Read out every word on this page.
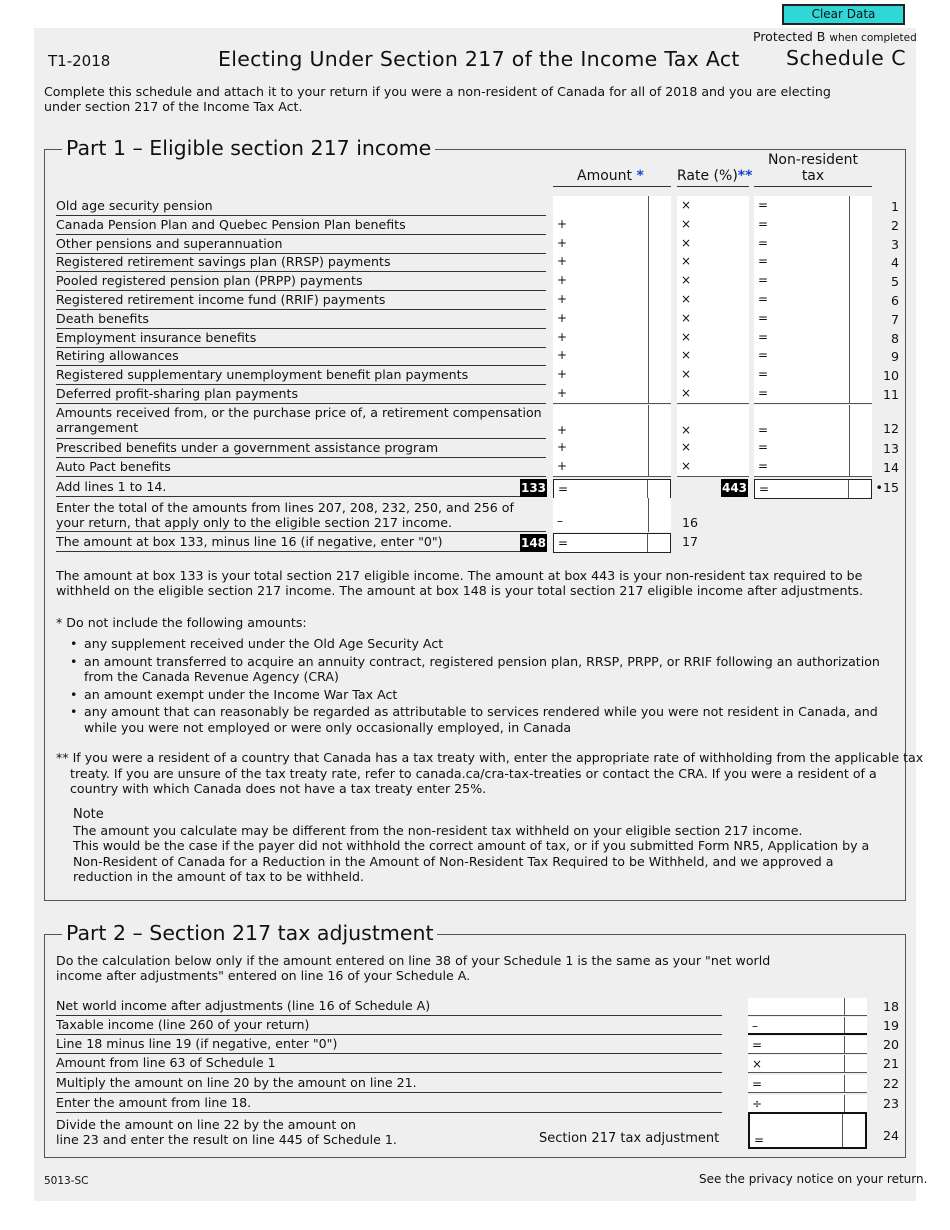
Clear Data
T1-2018	Electing Under Section 217 of the Income Tax Act
Protected B when completed
Schedule C
Complete this schedule and attach it to your return if you were a non-resident of Canada for all of 2018 and you are electing
under section 217 of the Income Tax Act.
Part 1 – Eligible section 217 income
Amount * Rate (%)**
Non-resident
tax
Old age security pension	×	=	1
Canada Pension Plan and Quebec Pension Plan benefits	+	×	=	2
Other pensions and superannuation	+	×	=	3
Registered retirement savings plan (RRSP) payments	+	×	=	4
Pooled registered pension plan (PRPP) payments	+	×	=	5
Registered retirement income fund (RRIF) payments	+	×	=	6
Death benefits	+	×	=	7
Employment insurance benefits	+	×	=	8
Retiring allowances	+	×	=	9
Registered supplementary unemployment benefit plan payments	+	×	=	10
Deferred profit-sharing plan payments	+	×	=	11
Amounts received from, or the purchase price of, a retirement compensation arrangement	+	×	=	12
Prescribed benefits under a government assistance program	+	×	=	13
Auto Pact benefits	+	×	=	14
Add lines 1 to 14.	133 =	443 =	•15
Enter the total of the amounts from lines 207, 208, 232, 250, and 256 of your return, that apply only to the eligible section 217 income.	–	16
The amount at box 133, minus line 16 (if negative, enter "0")	148 =	17
The amount at box 133 is your total section 217 eligible income. The amount at box 443 is your non-resident tax required to be
withheld on the eligible section 217 income. The amount at box 148 is your total section 217 eligible income after adjustments.
* Do not include the following amounts:
• any supplement received under the Old Age Security Act
• an amount transferred to acquire an annuity contract, registered pension plan, RRSP, PRPP, or RRIF following an authorization from the Canada Revenue Agency (CRA)
• an amount exempt under the Income War Tax Act
• any amount that can reasonably be regarded as attributable to services rendered while you were not resident in Canada, and while you were not employed or were only occasionally employed, in Canada
** If you were a resident of a country that Canada has a tax treaty with, enter the appropriate rate of withholding from the applicable tax
treaty. If you are unsure of the tax treaty rate, refer to canada.ca/cra-tax-treaties or contact the CRA. If you were a resident of a
country with which Canada does not have a tax treaty enter 25%.
Note
The amount you calculate may be different from the non-resident tax withheld on your eligible section 217 income.
This would be the case if the payer did not withhold the correct amount of tax, or if you submitted Form NR5, Application by a
Non-Resident of Canada for a Reduction in the Amount of Non-Resident Tax Required to be Withheld, and we approved a
reduction in the amount of tax to be withheld.
Part 2 – Section 217 tax adjustment
Do the calculation below only if the amount entered on line 38 of your Schedule 1 is the same as your "net world
income after adjustments" entered on line 16 of your Schedule A.
Net world income after adjustments (line 16 of Schedule A)	18
Taxable income (line 260 of your return)	–	19
Line 18 minus line 19 (if negative, enter "0")	=	20
Amount from line 63 of Schedule 1	×	21
Multiply the amount on line 20 by the amount on line 21.	=	22
Enter the amount from line 18.	÷	23
Divide the amount on line 22 by the amount on
line 23 and enter the result on line 445 of Schedule 1.	Section 217 tax adjustment	=	24
5013-SC	See the privacy notice on your return.
